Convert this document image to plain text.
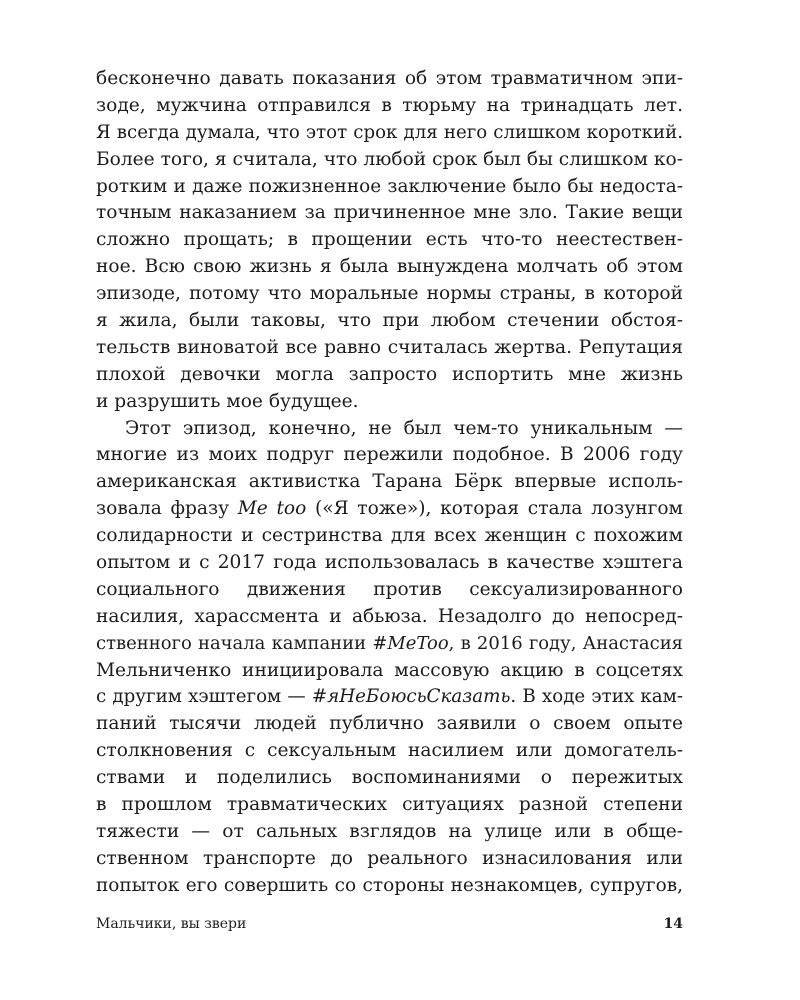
бесконечно давать показания об этом травматичном эпи-
зоде, мужчина отправился в тюрьму на тринадцать лет.
Я всегда думала, что этот срок для него слишком короткий.
Более того, я считала, что любой срок был бы слишком ко-
ротким и даже пожизненное заключение было бы недоста-
точным наказанием за причиненное мне зло. Такие вещи
сложно прощать; в прощении есть что-то неестествен-
ное. Всю свою жизнь я была вынуждена молчать об этом
эпизоде, потому что моральные нормы страны, в которой
я жила, были таковы, что при любом стечении обстоя-
тельств виноватой все равно считалась жертва. Репутация
плохой девочки могла запросто испортить мне жизнь
и разрушить мое будущее.
Этот эпизод, конечно, не был чем-то уникальным —
многие из моих подруг пережили подобное. В 2006 году
американская активистка Тарана Бёрк впервые исполь-
зовала фразу Me too («Я тоже»), которая стала лозунгом
солидарности и сестринства для всех женщин с похожим
опытом и с 2017 года использовалась в качестве хэштега
социального движения против сексуализированного
насилия, харассмента и абьюза. Незадолго до непосред-
ственного начала кампании #MeToo, в 2016 году, Анастасия
Мельниченко инициировала массовую акцию в соцсетях
с другим хэштегом — #яНеБоюсьСказать. В ходе этих кам-
паний тысячи людей публично заявили о своем опыте
столкновения с сексуальным насилием или домогатель-
ствами и поделились воспоминаниями о пережитых
в прошлом травматических ситуациях разной степени
тяжести — от сальных взглядов на улице или в обще-
ственном транспорте до реального изнасилования или
попыток его совершить со стороны незнакомцев, супругов,
Мальчики, вы звери	14
